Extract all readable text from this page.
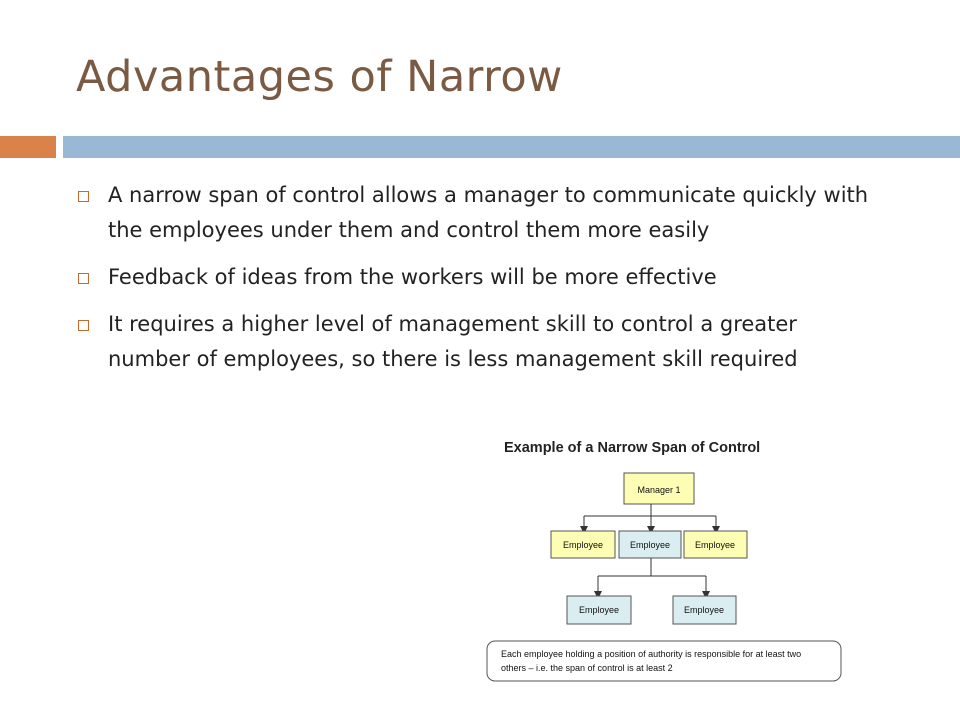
Advantages of Narrow
A narrow span of control allows a manager to communicate quickly with the employees under them and control them more easily
Feedback of ideas from the workers will be more effective
It requires a higher level of management skill to control a greater number of employees, so there is less management skill required
Example of a Narrow Span of Control
Manager 1
Employee	Employee	Employee
Employee	Employee
Each employee holding a position of authority is responsible for at least two
others – i.e. the span of control is at least 2
